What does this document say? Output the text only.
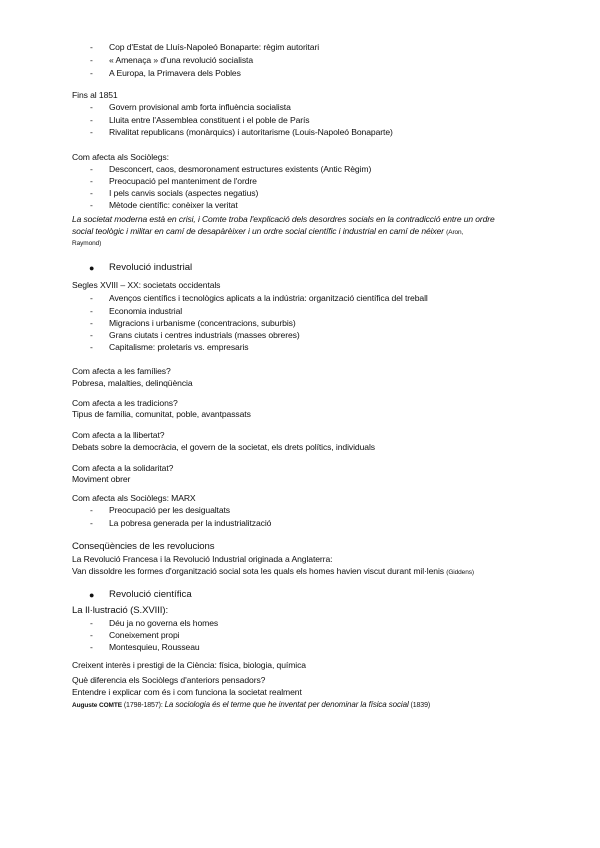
- Cop d'Estat de Lluís-Napoleó Bonaparte: règim autoritari
- « Amenaça » d'una revolució socialista
- A Europa, la Primavera dels Pobles
Fins al 1851
- Govern provisional amb forta influència socialista
- Lluita entre l'Assemblea constituent i el poble de París
- Rivalitat republicans (monàrquics) i autoritarisme (Louis-Napoleó Bonaparte)
Com afecta als Sociòlegs:
- Desconcert, caos, desmoronament estructures existents (Antic Règim)
- Preocupació pel manteniment de l'ordre
- I pels canvis socials (aspectes negatius)
- Mètode científic: conèixer la veritat
La societat moderna està en crisi, i Comte troba l'explicació dels desordres socials en la contradicció entre un ordre
social teològic i militar en camí de desapàrèixer i un ordre social científic i industrial en camí de néixer (Aron,
Raymond)
● Revolució industrial
Segles XVIII – XX: societats occidentals
- Avenços científics i tecnològics aplicats a la indústria: organització científica del treball
- Economia industrial
- Migracions i urbanisme (concentracions, suburbis)
- Grans ciutats i centres industrials (masses obreres)
- Capitalisme: proletaris vs. empresaris
Com afecta a les famílies?
Pobresa, malalties, delinqüència
Com afecta a les tradicions?
Tipus de família, comunitat, poble, avantpassats
Com afecta a la llibertat?
Debats sobre la democràcia, el govern de la societat, els drets polítics, individuals
Com afecta a la solidaritat?
Moviment obrer
Com afecta als Sociòlegs: MARX
- Preocupació per les desigualtats
- La pobresa generada per la industrialització
Conseqüències de les revolucions
La Revolució Francesa i la Revolució Industrial originada a Anglaterra:
Van dissoldre les formes d'organització social sota les quals els homes havien viscut durant mil·lenis (Giddens)
● Revolució científica
La Il·lustració (S.XVIII):
- Déu ja no governa els homes
- Coneixement propi
- Montesquieu, Rousseau
Creixent interès i prestigi de la Ciència: física, biologia, química
Què diferencia els Sociòlegs d'anteriors pensadors?
Entendre i explicar com és i com funciona la societat realment
Auguste COMTE (1798-1857): La sociologia és el terme que he inventat per denominar la física social (1839)
